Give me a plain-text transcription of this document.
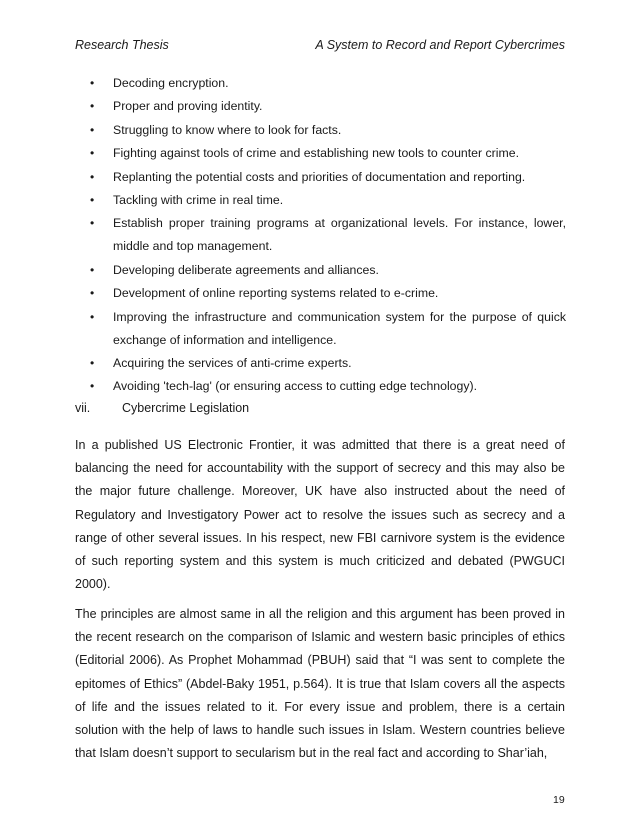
Research Thesis	A System to Record and Report Cybercrimes
• Decoding encryption.
• Proper and proving identity.
• Struggling to know where to look for facts.
• Fighting against tools of crime and establishing new tools to counter crime.
• Replanting the potential costs and priorities of documentation and reporting.
• Tackling with crime in real time.
• Establish proper training programs at organizational levels. For instance, lower, middle and top management.
• Developing deliberate agreements and alliances.
• Development of online reporting systems related to e-crime.
• Improving the infrastructure and communication system for the purpose of quick exchange of information and intelligence.
• Acquiring the services of anti-crime experts.
• Avoiding 'tech-lag' (or ensuring access to cutting edge technology).
vii.	Cybercrime Legislation

In a published US Electronic Frontier, it was admitted that there is a great need of balancing the need for accountability with the support of secrecy and this may also be the major future challenge. Moreover, UK have also instructed about the need of Regulatory and Investigatory Power act to resolve the issues such as secrecy and a range of other several issues. In his respect, new FBI carnivore system is the evidence of such reporting system and this system is much criticized and debated (PWGUCI 2000).

The principles are almost same in all the religion and this argument has been proved in the recent research on the comparison of Islamic and western basic principles of ethics (Editorial 2006). As Prophet Mohammad (PBUH) said that “I was sent to complete the epitomes of Ethics” (Abdel-Baky 1951, p.564). It is true that Islam covers all the aspects of life and the issues related to it. For every issue and problem, there is a certain solution with the help of laws to handle such issues in Islam. Western countries believe that Islam doesn’t support to secularism but in the real fact and according to Shar’iah,

19
